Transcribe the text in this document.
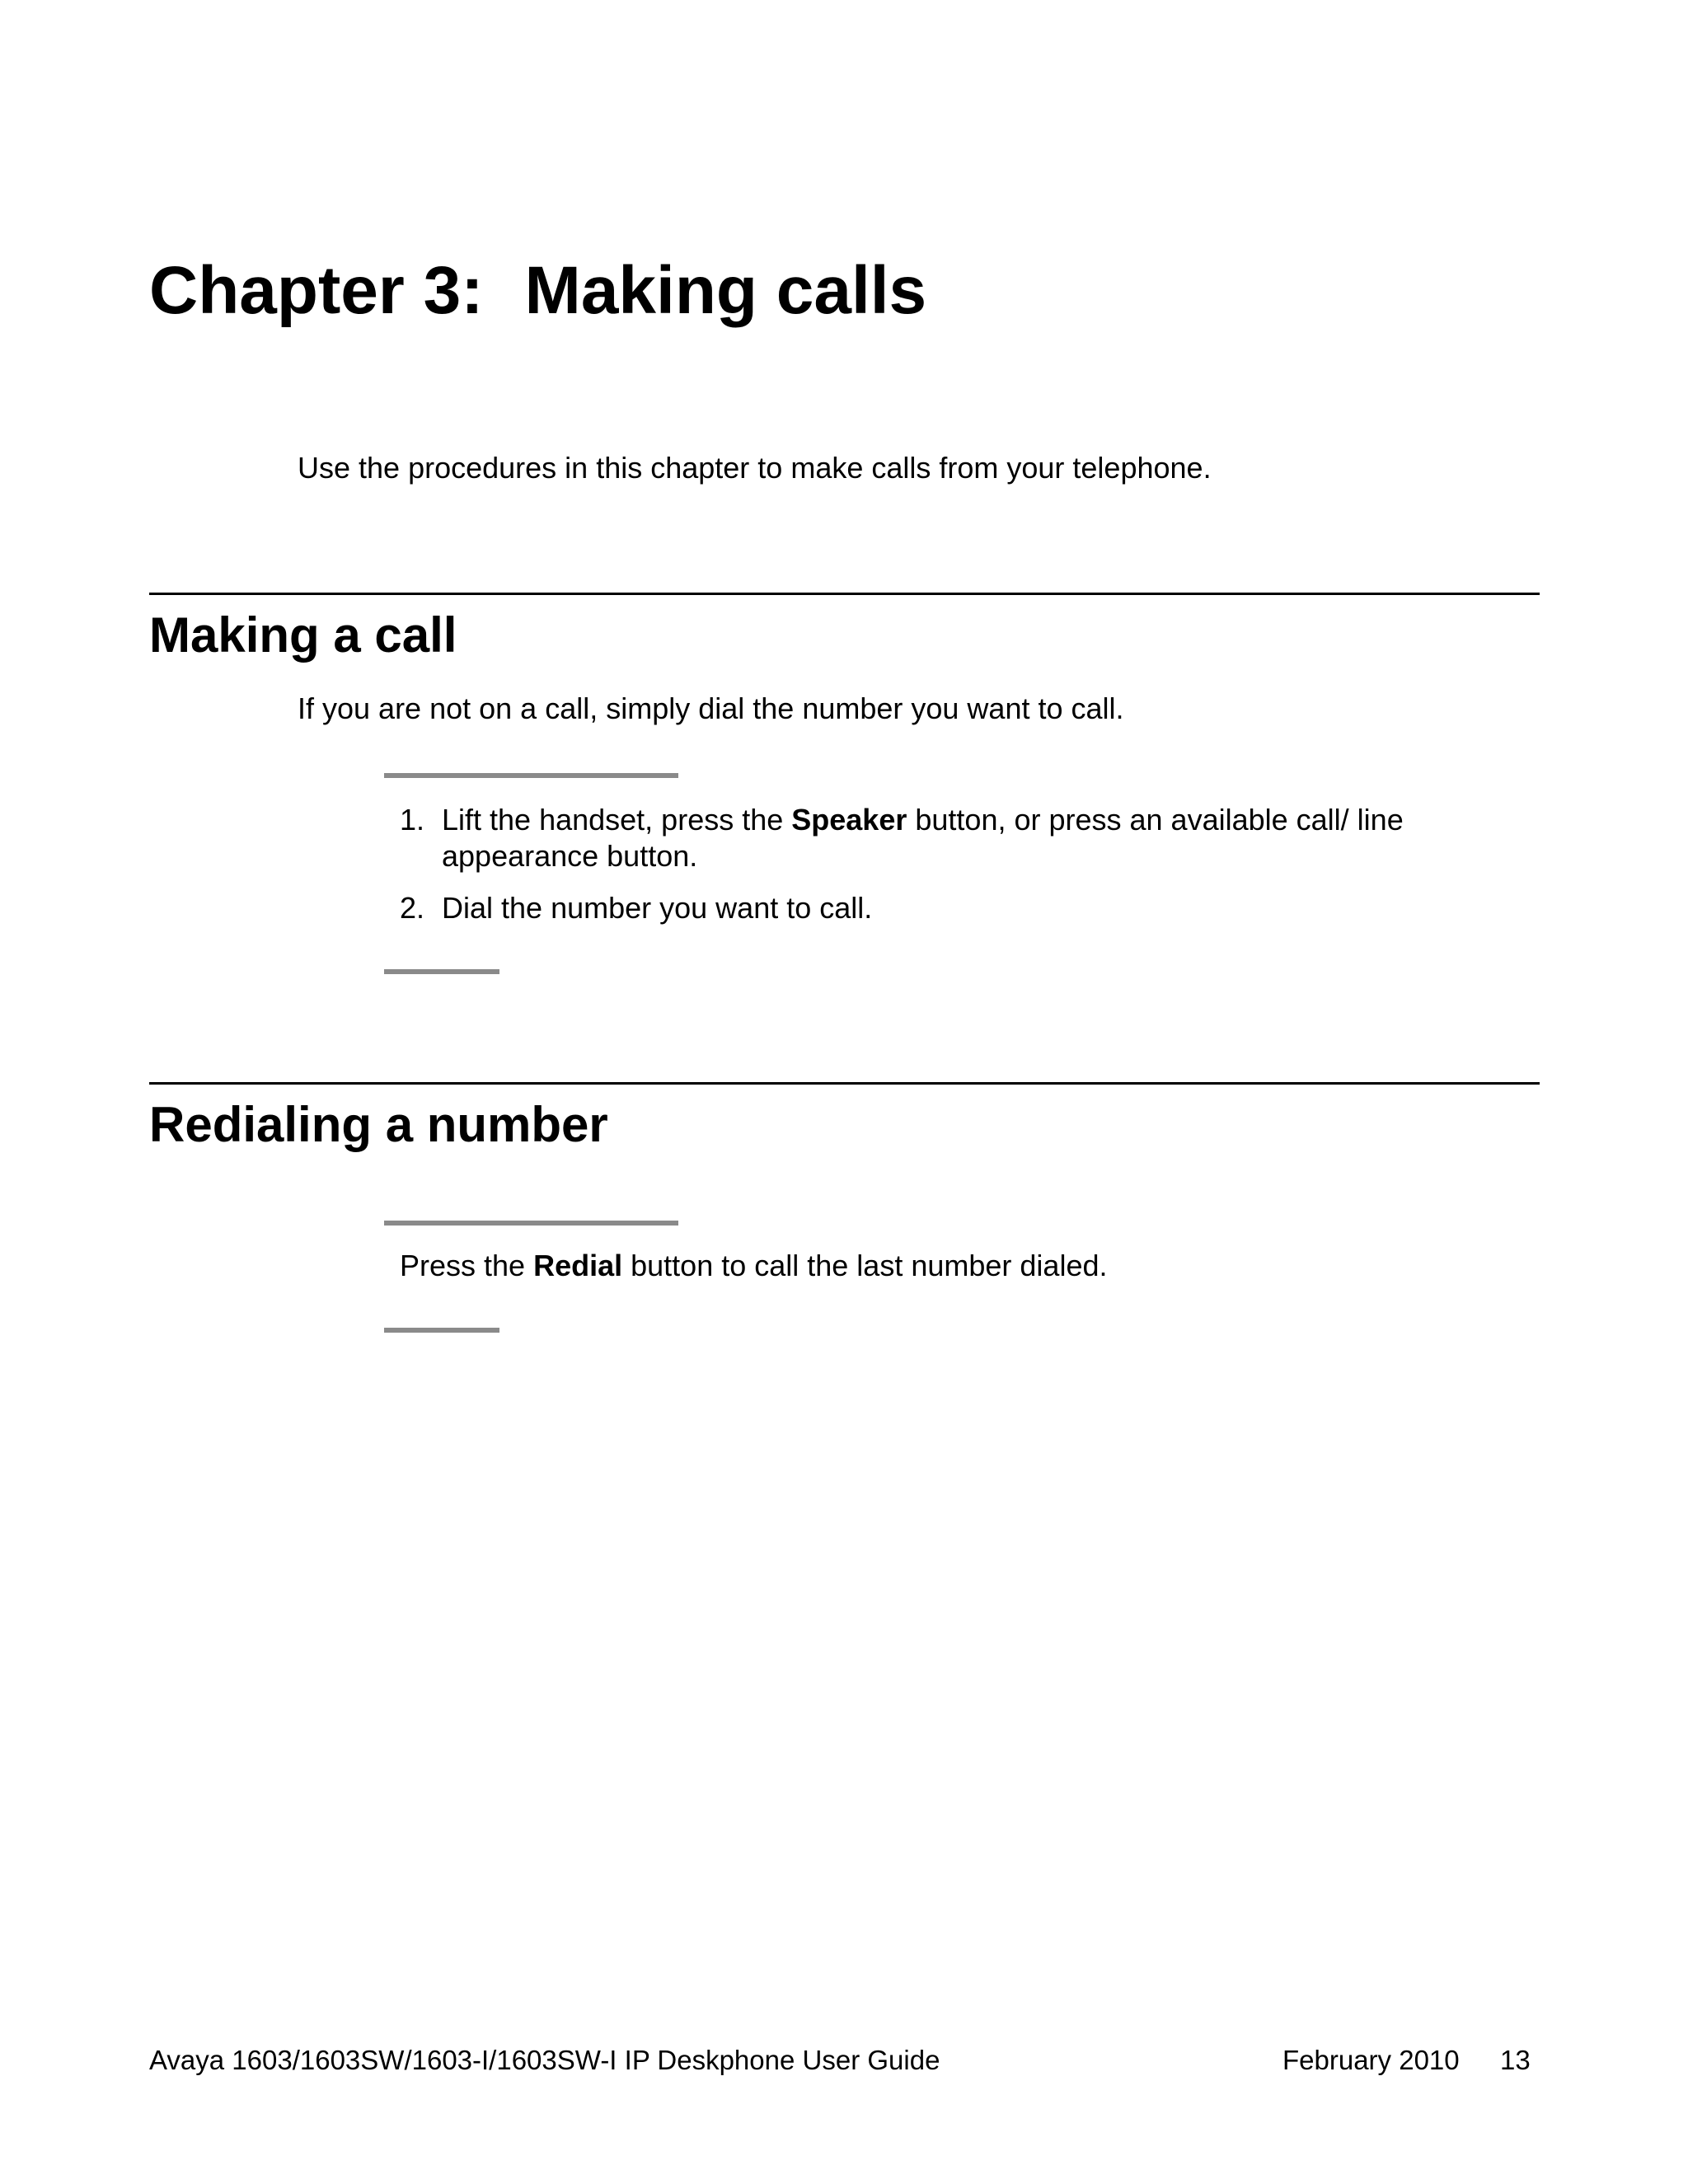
Chapter 3: Making calls
Use the procedures in this chapter to make calls from your telephone.
Making a call
If you are not on a call, simply dial the number you want to call.
1. Lift the handset, press the Speaker button, or press an available call/ line appearance button.
2. Dial the number you want to call.
Redialing a number
Press the Redial button to call the last number dialed.
Avaya 1603/1603SW/1603-I/1603SW-I IP Deskphone User Guide	February 2010 13
